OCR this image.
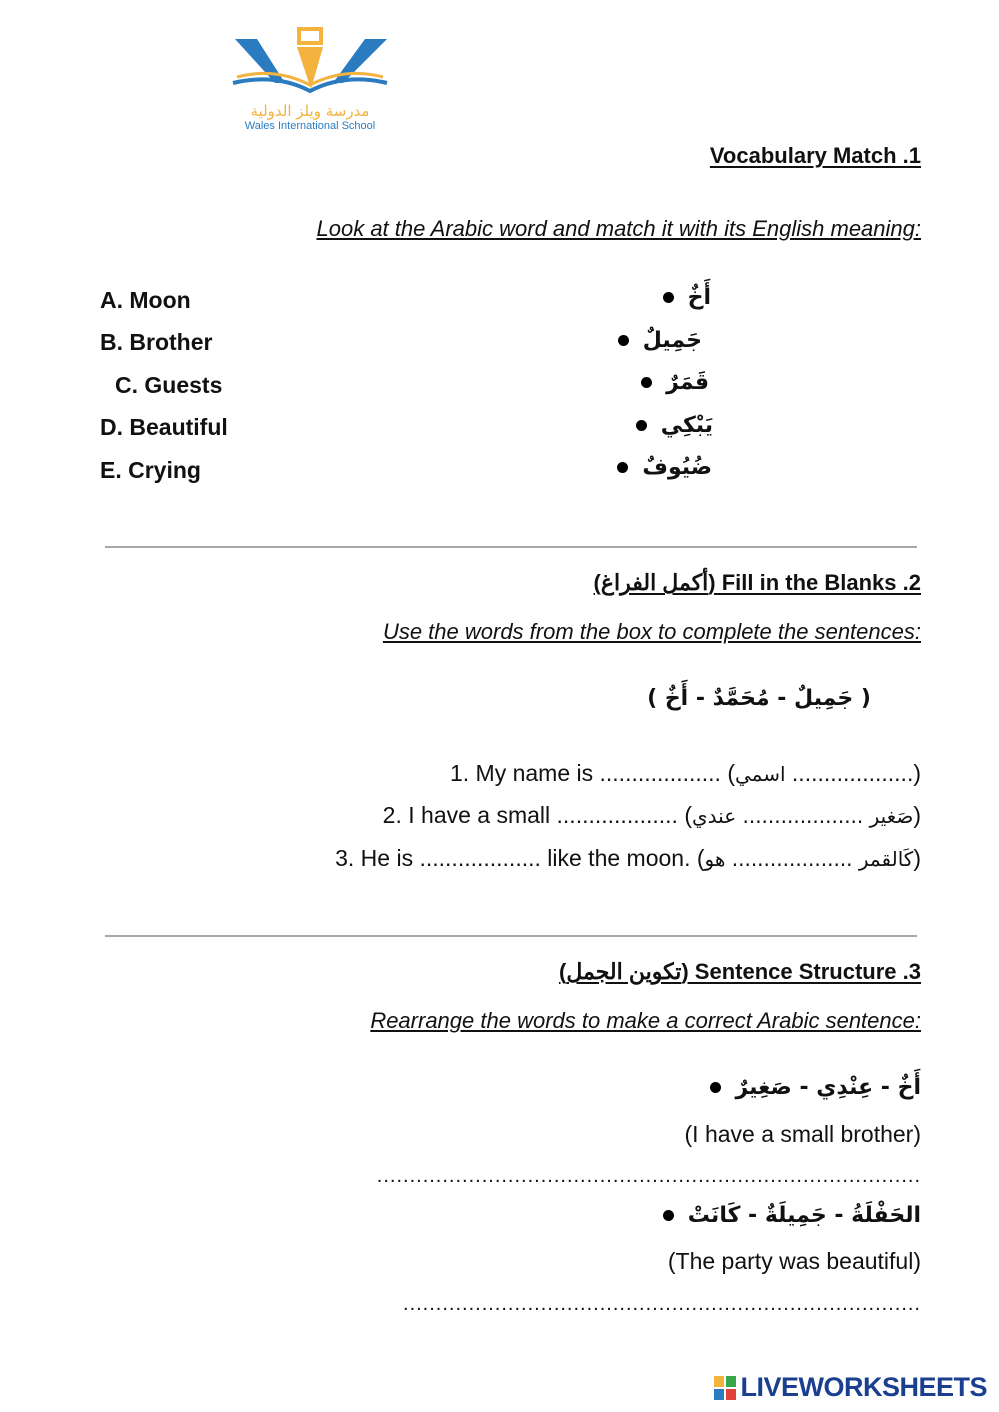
مدرسة ويلز الدولية
Wales International School
Vocabulary Match .1
Look at the Arabic word and match it with its English meaning:
A. Moon
B. Brother
C. Guests
D. Beautiful
E. Crying
أَخٌ
جَمِيلٌ
قَمَرٌ
يَبْكِي
ضُيُوفٌ
(أكمل الفراغ) Fill in the Blanks .2
Use the words from the box to complete the sentences:
( جَمِيلٌ - مُحَمَّدٌ - أَخٌ )
1. My name is ................... (اسمي ...................)
2. I have a small ................... (صَغير ................... عندي)
3. He is ................... like the moon. (كَالقمر ................... هو)
(تكوين الجمل) Sentence Structure .3
Rearrange the words to make a correct Arabic sentence:
أَخٌ - عِنْدِي - صَغِيرٌ
(I have a small brother)
...................................................................................
الحَفْلَةُ - جَمِيلَةٌ - كَانَتْ
(The party was beautiful)
...............................................................................
LIVEWORKSHEETS
